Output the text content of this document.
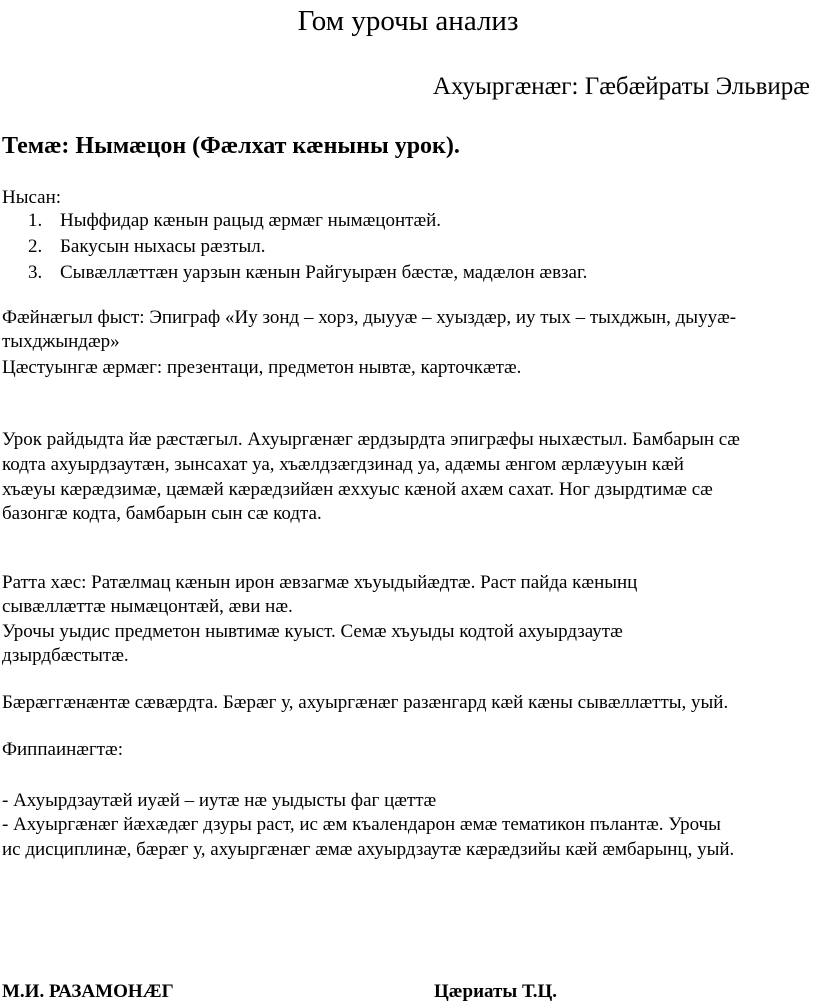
Гом урочы анализ
Ахуыргæнæг: Гæбæйраты Эльвирæ
Темæ: Нымæцон (Фæлхат кæныны урок).
Нысан:
1. Ныффидар кæнын рацыд æрмæг нымæцонтæй.
2. Бакусын ныхасы рæзтыл.
3. Сывæллæттæн уарзын кæнын Райгуырæн бæстæ, мадæлон æвзаг.
Фæйнæгыл фыст: Эпиграф «Иу зонд – хорз, дыууæ – хуыздæр, иу тых – тыхджын, дыууæ-
тыхджындæр»
Цæстуынгæ æрмæг: презентаци, предметон нывтæ, карточкæтæ.
Урок райдыдта йæ рæстæгыл. Ахуыргæнæг æрдзырдта эпигрæфы ныхæстыл. Бамбарын сæ
кодта ахуырдзаутæн, зынсахат уа, хъæлдзæгдзинад уа, адæмы æнгом æрлæууын кæй
хъæуы кæрæдзимæ, цæмæй кæрæдзийæн æххуыс кæной ахæм сахат. Ног дзырдтимæ сæ
базонгæ кодта, бамбарын сын сæ кодта.
Ратта хæс: Ратæлмац кæнын ирон æвзагмæ хъуыдыйæдтæ. Раст пайда кæнынц
сывæллæттæ нымæцонтæй, æви нæ.
Урочы уыдис предметон нывтимæ куыст. Семæ хъуыды кодтой ахуырдзаутæ
дзырдбæстытæ.
Бæрæггæнæнтæ сæвæрдта. Бæрæг у, ахуыргæнæг разæнгард кæй кæны сывæллæтты, уый.
Фиппаинæгтæ:
- Ахуырдзаутæй иуæй – иутæ нæ уыдысты фаг цæттæ
- Ахуыргæнæг йæхæдæг дзуры раст, ис æм къалендарон æмæ тематикон пълантæ. Урочы
ис дисциплинæ, бæрæг у, ахуыргæнæг æмæ ахуырдзаутæ кæрæдзийы кæй æмбарынц, уый.
М.И. РАЗАМОНÆГ	Цæриаты Т.Ц.
